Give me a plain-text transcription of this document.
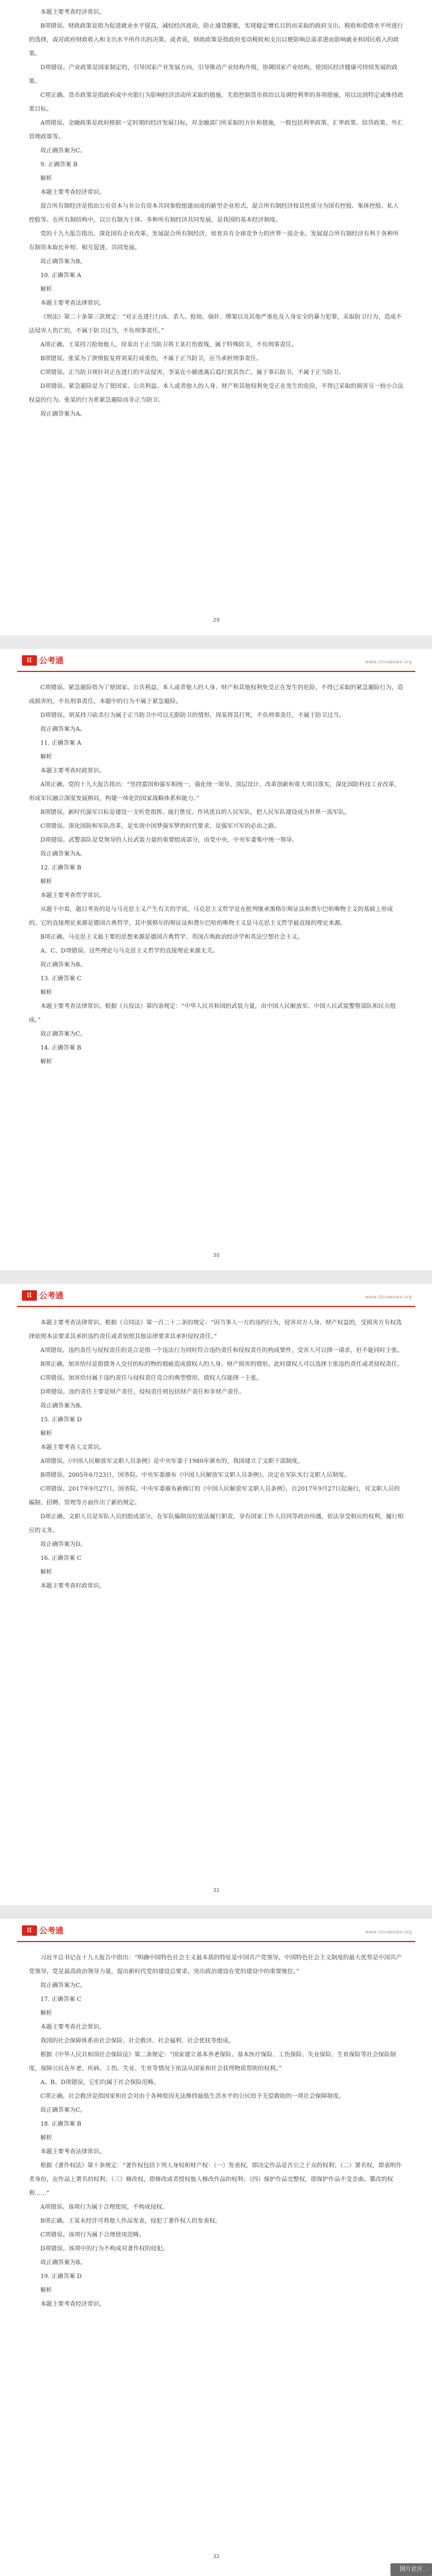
本题主要考查经济常识。

B项错误。财政政策是指为促进就业水平提高，减轻经济波动，防止通货膨胀，实现稳定增长目的而采取的政府支出、税收和借债水平所进行的选择，或对政府财政收入和支出水平所作出的决策。或者说，财政政策是指政府变动税收和支出以便影响总需求进而影响就业和国民收入的政策。

D项错误。产业政策是国家制定的，引导国家产业发展方向，引导推动产业结构升级，协调国家产业结构，使国民经济健康可持续发展的政策。

C项正确。货币政策是指政府或中央银行为影响经济活动所采取的措施，尤指控制货币供给以及调控利率的各项措施，用以达到特定或维持政策目标。

A项错误。金融政策是政府根据一定时期的经济发展目标，对金融部门所采取的方针和措施，一般包括利率政策、汇率政策、信贷政策、外汇管理政策等。

故正确答案为C。

9. 正确答案 B

解析

本题主要考查经济常识。

混合所有制经济是指由公有资本与非公有资本共同参股组建而成的新型企业形式。混合所有制经济按其性质分为国有控股、集体控股、私人控股等。在所有制结构中，以公有制为主体、多种所有制经济共同发展，是我国的基本经济制度。

党的十九大报告指出，深化国有企业改革，发展混合所有制经济，培育具有全球竞争力的世界一流企业。发展混合所有制经济有利于各种所有制资本取长补短、相互促进、共同发展。

故正确答案为B。

10. 正确答案 A

解析

本题主要考查法律常识。

《刑法》第二十条第三款规定：“对正在进行行凶、杀人、抢劫、强奸、绑架以及其他严重危及人身安全的暴力犯罪，采取防卫行为，造成不法侵害人伤亡的，不属于防卫过当，不负刑事责任。”

A项正确。王某持刀抢劫他人，徐某出于正当防卫将王某打伤致残，属于特殊防卫，不负刑事责任。

B项错误。张某为了泄愤报复将刘某打成重伤，不属于正当防卫，应当承担刑事责任。

C项错误。正当防卫须针对正在进行的不法侵害，李某在小偷逃离后追打致其伤亡，属于事后防卫，不属于正当防卫。

D项错误。紧急避险是为了使国家、公共利益、本人或者他人的人身、财产和其他权利免受正在发生的危险，不得已采取的损害另一较小合法权益的行为。张某的行为系紧急避险而非正当防卫。

故正确答案为A。

29
[[ 公考通	www.chinaexam.org

C项错误。紧急避险指为了使国家、公共利益、本人或者他人的人身、财产和其他权利免受正在发生的危险，不得已采取的紧急避险行为，造成损害的，不负刑事责任。本题中的行为不属于紧急避险。

D项错误。胡某持刀砍杀行为属于正当防卫中可以无限防卫的情形，周某将其打死，不负刑事责任，不属于防卫过当。

故正确答案为A。

11. 正确答案 A

解析

本题主要考查时政常识。

A项正确。党的十九大报告指出：“坚持富国和强军相统一，强化统一领导、顶层设计、改革创新和重大项目落实，深化国防科技工业改革，形成军民融合深度发展格局，构建一体化的国家战略体系和能力。”

B项错误。新时代强军目标是建设一支听党指挥、能打胜仗、作风优良的人民军队，把人民军队建设成为世界一流军队。

C项错误。深化国防和军队改革，是实现中国梦强军梦的时代要求，是强军兴军的必由之路。

D项错误。武警部队是党领导的人民武装力量的重要组成部分，由党中央、中央军委集中统一领导。

故正确答案为A。

12. 正确答案 B

解析

本题主要考查哲学常识。

从题干中看，题目考查的是与马克思主义产生有关的学说，马克思主义哲学是在批判继承黑格尔辩证法和费尔巴哈唯物主义的基础上形成的。它的直接理论来源是德国古典哲学，其中黑格尔的辩证法和费尔巴哈的唯物主义是马克思主义哲学最直接的理论来源。

B项正确。马克思主义最主要的思想来源是德国古典哲学、英国古典政治经济学和英法空想社会主义。

A、C、D项错误。这些理论与马克思主义哲学的直接理论来源无关。

故正确答案为B。

13. 正确答案 C

解析

本题主要考查法律常识。根据《兵役法》第四条规定：“中华人民共和国的武装力量，由中国人民解放军、中国人民武装警察部队和民兵组成。”

故正确答案为C。

14. 正确答案 B

解析

30
[[ 公考通	www.chinaexam.org

本题主要考查法律常识。根据《合同法》第一百二十二条的规定：“因当事人一方的违约行为，侵害对方人身、财产权益的，受损害方有权选择依照本法要求其承担违约责任或者依照其他法律要求其承担侵权责任。”

A项错误。违约责任与侵权责任的竞合是指一个违法行为同时符合违约责任和侵权责任的构成要件，受害人可以择一请求，但不能同时主张。

B项正确。加害给付是指债务人交付的标的物的瑕疵造成债权人的人身、财产损害的情形，此时债权人可以选择主张违约责任或者侵权责任。

C项错误。加害给付属于违约责任与侵权责任竞合的典型情形，债权人仅能择一主张。

D项错误。违约责任主要是财产责任，侵权责任则包括财产责任和非财产责任。

故正确答案为B。

15. 正确答案 D

解析

本题主要考查人文常识。

A项错误。《中国人民解放军文职人员条例》是中央军委于1980年颁布的，我国建立了文职干部制度。

B项错误。2005年6月23日，国务院、中央军委颁布《中国人民解放军文职人员条例》，决定在军队实行文职人员制度。

C项错误。2017年9月27日，国务院、中央军委颁布新修订的《中国人民解放军文职人员条例》，自2017年9月27日起施行，对文职人员的编制、招聘、管理等方面作出了新的规定。

D项正确。文职人员是军队人员的组成部分，在军队编制岗位依法履行职责，享有国家工作人员同等政治待遇，依法享受相应的权利，履行相应的义务。

故正确答案为D。

16. 正确答案 C

解析

本题主要考查时政常识。

31
[[ 公考通	www.chinaexam.org

习近平总书记在十九大报告中指出：“明确中国特色社会主义最本质的特征是中国共产党领导，中国特色社会主义制度的最大优势是中国共产党领导，党是最高政治领导力量，提出新时代党的建设总要求，突出政治建设在党的建设中的重要地位。”

故正确答案为C。

17. 正确答案 C

解析

本题主要考查社会常识。

我国的社会保障体系由社会保险、社会救济、社会福利、社会优抚等组成。

根据《中华人民共和国社会保险法》第二条规定：“国家建立基本养老保险、基本医疗保险、工伤保险、失业保险、生育保险等社会保险制度，保障公民在年老、疾病、工伤、失业、生育等情况下依法从国家和社会获得物质帮助的权利。”

A、B、D项错误，它们均属于社会保险范畴。

C项正确。社会救济是指国家和社会对由于各种原因无法维持最低生活水平的公民给予无偿救助的一项社会保障制度。

故正确答案为C。

18. 正确答案 B

解析

本题主要考查法律常识。

根据《著作权法》第十条规定：“著作权包括下列人身权和财产权：（一）发表权，即决定作品是否公之于众的权利；（二）署名权，即表明作者身份，在作品上署名的权利；（三）修改权，即修改或者授权他人修改作品的权利；（四）保护作品完整权，即保护作品不受歪曲、篡改的权利……”

A项错误。该项行为属于合理使用，不构成侵权。

B项正确。王某未经许可将他人作品发表，侵犯了著作权人的发表权。

C项错误。该项行为属于合理使用范畴。

D项错误。该项中的行为不构成对著作权的侵犯。

故正确答案为B。

19. 正确答案 D

解析

本题主要考查经济常识。

32
图片社区
